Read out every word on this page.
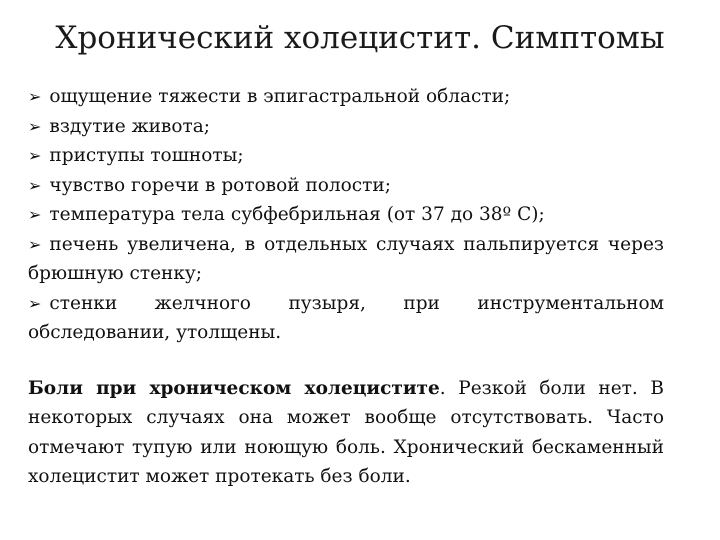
Хронический холецистит. Симптомы
➢ ощущение тяжести в эпигастральной области;
➢ вздутие живота;
➢ приступы тошноты;
➢ чувство горечи в ротовой полости;
➢ температура тела субфебрильная (от 37 до 38º С);
➢ печень увеличена, в отдельных случаях пальпируется через брюшную стенку;
➢ стенки желчного пузыря, при инструментальном обследовании, утолщены.

Боли при хроническом холецистите. Резкой боли нет. В некоторых случаях она может вообще отсутствовать. Часто отмечают тупую или ноющую боль. Хронический бескаменный холецистит может протекать без боли.
